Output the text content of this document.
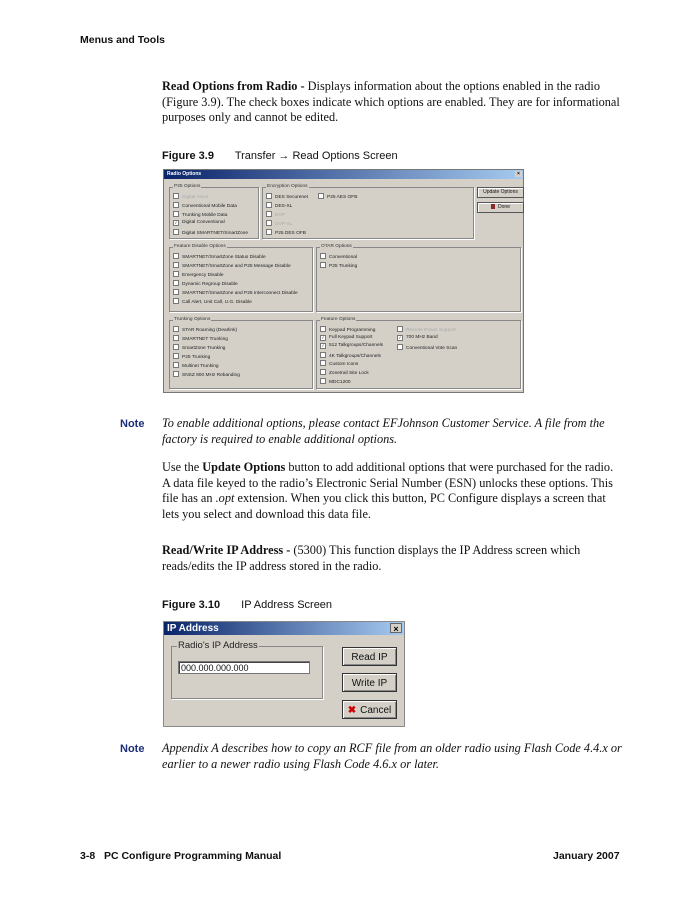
Menus and Tools
Read Options from Radio - Displays information about the options enabled in the radio (Figure 3.9). The check boxes indicate which options are enabled. They are for informational purposes only and cannot be edited.
Figure 3.9 Transfer → Read Options Screen
Radio Options	×
P25 Options
Digital Voice
Conventional Mobile Data
Trunking Mobile Data
✓ Digital Conventional
Digital SMARTNET/SmartZone
Encryption Options
DES Securenet
DES-XL
DVP
DVP-XL
P25 DES OFB
P25 AES OFB
Update Options
Done
Feature Disable Options
SMARTNET/SmartZone Status Disable
SMARTNET/SmartZone and P25 Message Disable
Emergency Disable
Dynamic Regroup Disable
SMARTNET/SmartZone and P25 Interconnect Disable
Call Alert, Unit Call, U.G. Disable
OTAR Options
Conventional
P25 Trunking
Trunking Options
STAR Roaming (Dearlink)
SMARTNET Trunking
SmartZone Trunking
P25 Trunking
Multinet Trunking
SNSZ 800 MHz Rebanding
Feature Options
Keypad Programming
✓ Full Keypad Support
✓ 512 Talkgroups/Channels
4K Talkgroups/Channels
Custom Icons
Zonetrail Site Lock
MDC1200
Remote Power Support
✓ 700 MHz Band
Conventional Vote Scan
Note To enable additional options, please contact EFJohnson Customer Service. A file from the factory is required to enable additional options.
Use the Update Options button to add additional options that were purchased for the radio. A data file keyed to the radio’s Electronic Serial Number (ESN) unlocks these options. This file has an .opt extension. When you click this button, PC Configure displays a screen that lets you select and download this data file.
Read/Write IP Address - (5300) This function displays the IP Address screen which reads/edits the IP address stored in the radio.
Figure 3.10 IP Address Screen
IP Address	×
Radio's IP Address
000.000.000.000
Read IP
Write IP
✖ Cancel
Note Appendix A describes how to copy an RCF file from an older radio using Flash Code 4.4.x or earlier to a newer radio using Flash Code 4.6.x or later.
3-8 PC Configure Programming Manual	January 2007
